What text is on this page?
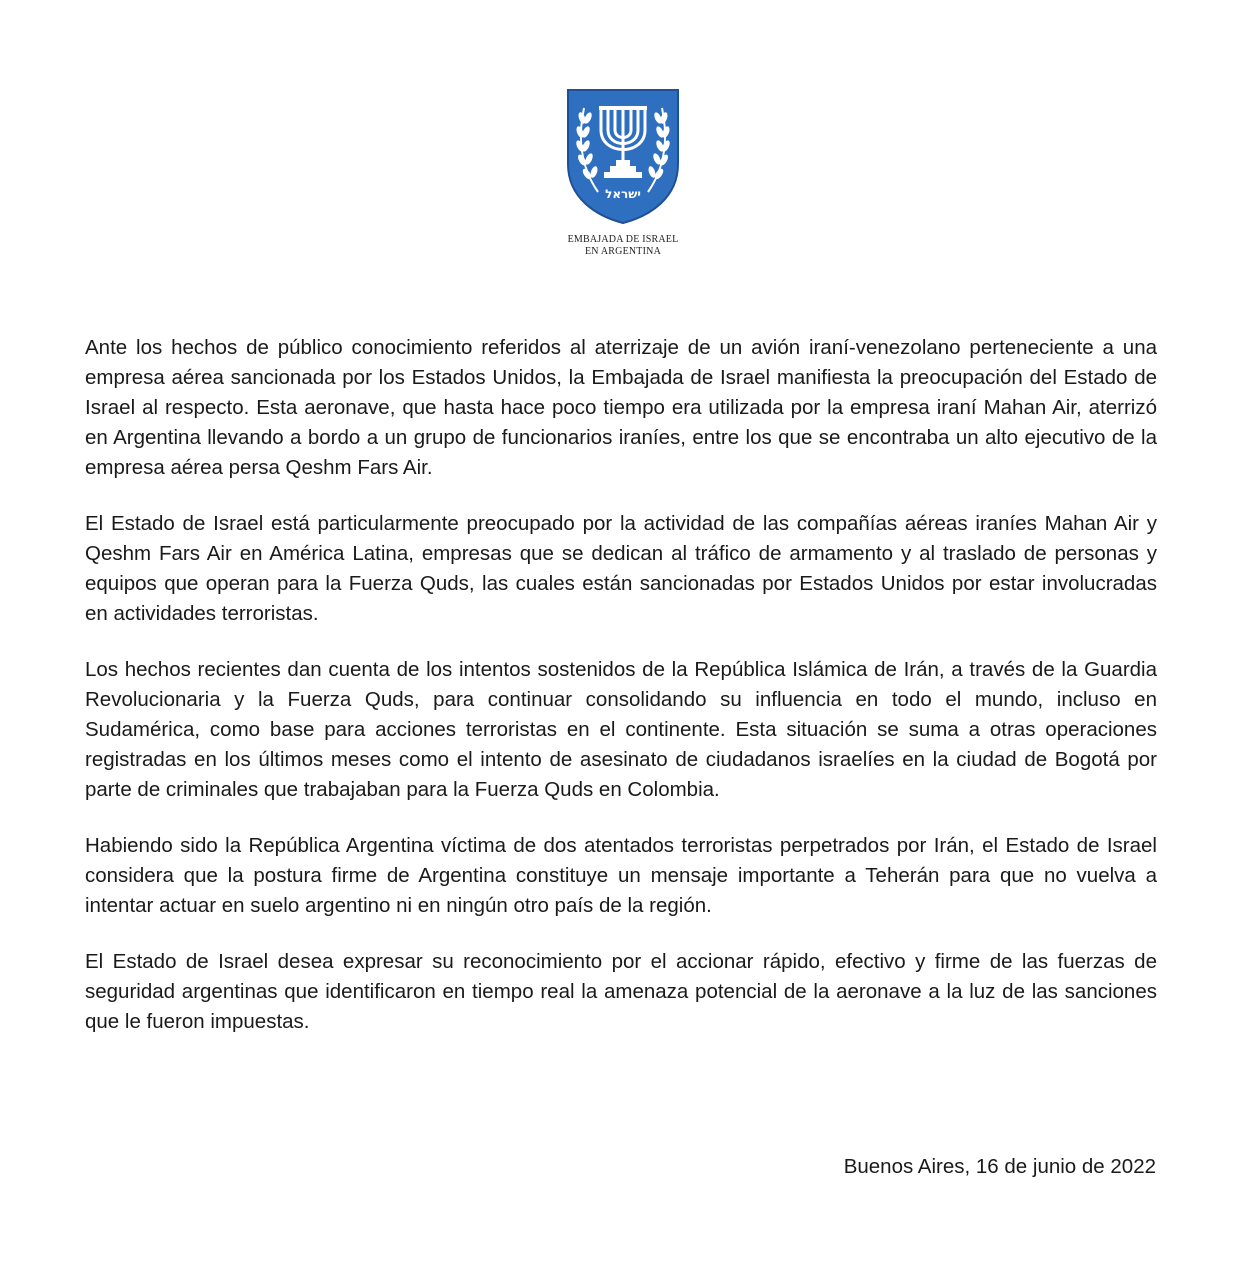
ישראל
EMBAJADA DE ISRAEL
EN ARGENTINA

Ante los hechos de público conocimiento referidos al aterrizaje de un avión iraní-venezolano perteneciente a una empresa aérea sancionada por los Estados Unidos, la Embajada de Israel manifiesta la preocupación del Estado de Israel al respecto. Esta aeronave, que hasta hace poco tiempo era utilizada por la empresa iraní Mahan Air, aterrizó en Argentina llevando a bordo a un grupo de funcionarios iraníes, entre los que se encontraba un alto ejecutivo de la empresa aérea persa Qeshm Fars Air.

El Estado de Israel está particularmente preocupado por la actividad de las compañías aéreas iraníes Mahan Air y Qeshm Fars Air en América Latina, empresas que se dedican al tráfico de armamento y al traslado de personas y equipos que operan para la Fuerza Quds, las cuales están sancionadas por Estados Unidos por estar involucradas en actividades terroristas.

Los hechos recientes dan cuenta de los intentos sostenidos de la República Islámica de Irán, a través de la Guardia Revolucionaria y la Fuerza Quds, para continuar consolidando su influencia en todo el mundo, incluso en Sudamérica, como base para acciones terroristas en el continente. Esta situación se suma a otras operaciones registradas en los últimos meses como el intento de asesinato de ciudadanos israelíes en la ciudad de Bogotá por parte de criminales que trabajaban para la Fuerza Quds en Colombia.

Habiendo sido la República Argentina víctima de dos atentados terroristas perpetrados por Irán, el Estado de Israel considera que la postura firme de Argentina constituye un mensaje importante a Teherán para que no vuelva a intentar actuar en suelo argentino ni en ningún otro país de la región.

El Estado de Israel desea expresar su reconocimiento por el accionar rápido, efectivo y firme de las fuerzas de seguridad argentinas que identificaron en tiempo real la amenaza potencial de la aeronave a la luz de las sanciones que le fueron impuestas.

Buenos Aires, 16 de junio de 2022
